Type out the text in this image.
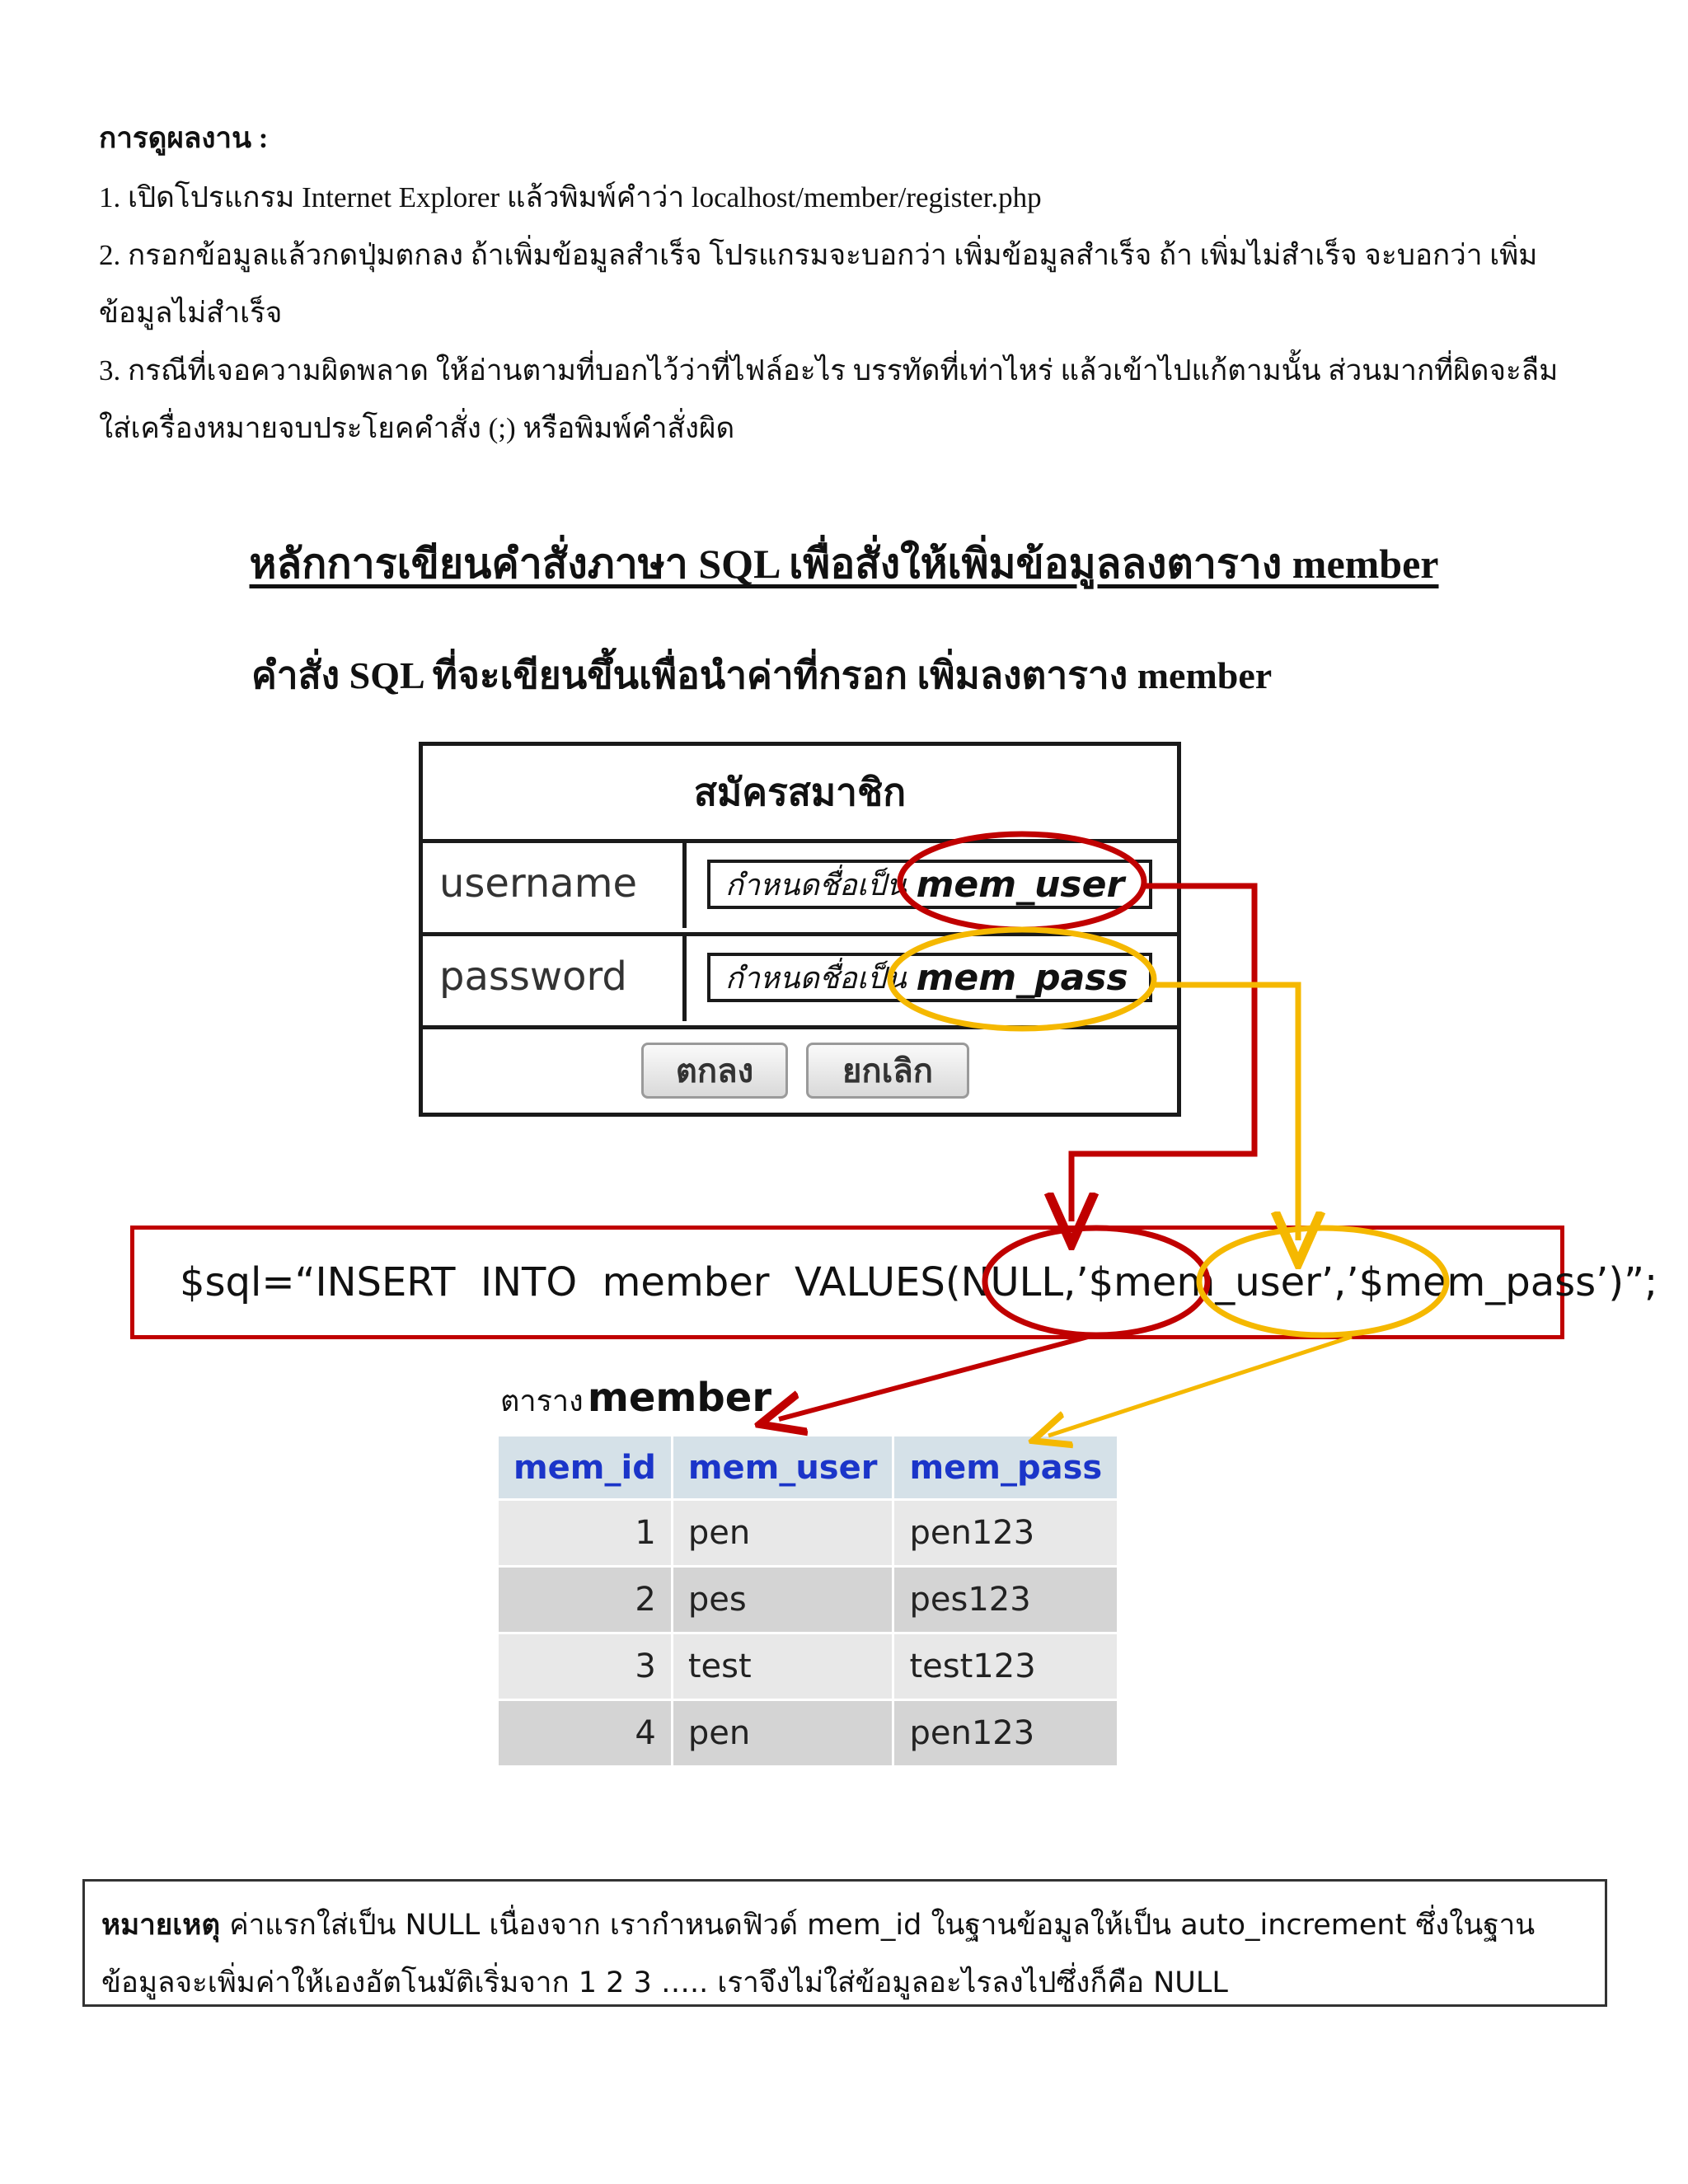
การดูผลงาน :
1. เปิดโปรแกรม Internet Explorer แล้วพิมพ์คำว่า localhost/member/register.php
2. กรอกข้อมูลแล้วกดปุ่มตกลง ถ้าเพิ่มข้อมูลสำเร็จ โปรแกรมจะบอกว่า เพิ่มข้อมูลสำเร็จ ถ้า เพิ่มไม่สำเร็จ จะบอกว่า เพิ่มข้อมูลไม่สำเร็จ
3. กรณีที่เจอความผิดพลาด ให้อ่านตามที่บอกไว้ว่าที่ไฟล์อะไร บรรทัดที่เท่าไหร่ แล้วเข้าไปแก้ตามนั้น ส่วนมากที่ผิดจะลืมใส่เครื่องหมายจบประโยคคำสั่ง (;) หรือพิมพ์คำสั่งผิด
หลักการเขียนคำสั่งภาษา SQL เพื่อสั่งให้เพิ่มข้อมูลลงตาราง member
คำสั่ง SQL ที่จะเขียนขึ้นเพื่อนำค่าที่กรอก เพิ่มลงตาราง member
สมัครสมาชิก
username	กำหนดชื่อเป็น mem_user
password	กำหนดชื่อเป็น mem_pass
ตกลง	ยกเลิก
$sql=“INSERT  INTO  member  VALUES(NULL,’$mem_user’,’$mem_pass’)”;
ตาราง member
mem_id	mem_user	mem_pass
1	pen	pen123
2	pes	pes123
3	test	test123
4	pen	pen123
หมายเหตุ ค่าแรกใส่เป็น NULL เนื่องจาก เรากำหนดฟิวด์ mem_id ในฐานข้อมูลให้เป็น auto_increment ซึ่งในฐานข้อมูลจะเพิ่มค่าให้เองอัตโนมัติเริ่มจาก 1 2 3 ….. เราจึงไม่ใส่ข้อมูลอะไรลงไปซึ่งก็คือ NULL
